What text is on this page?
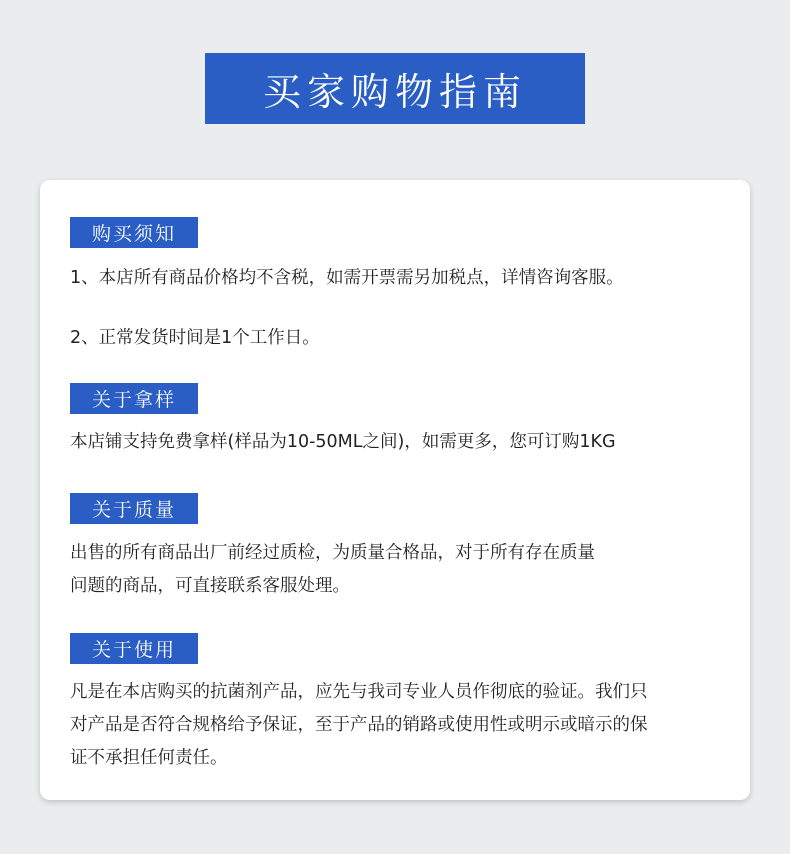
买家购物指南
购买须知
1、本店所有商品价格均不含税，如需开票需另加税点，详情咨询客服。
2、正常发货时间是1个工作日。
关于拿样
本店铺支持免费拿样(样品为10-50ML之间)，如需更多，您可订购1KG
关于质量
出售的所有商品出厂前经过质检，为质量合格品，对于所有存在质量
问题的商品，可直接联系客服处理。
关于使用
凡是在本店购买的抗菌剂产品，应先与我司专业人员作彻底的验证。我们只
对产品是否符合规格给予保证，至于产品的销路或使用性或明示或暗示的保
证不承担任何责任。
